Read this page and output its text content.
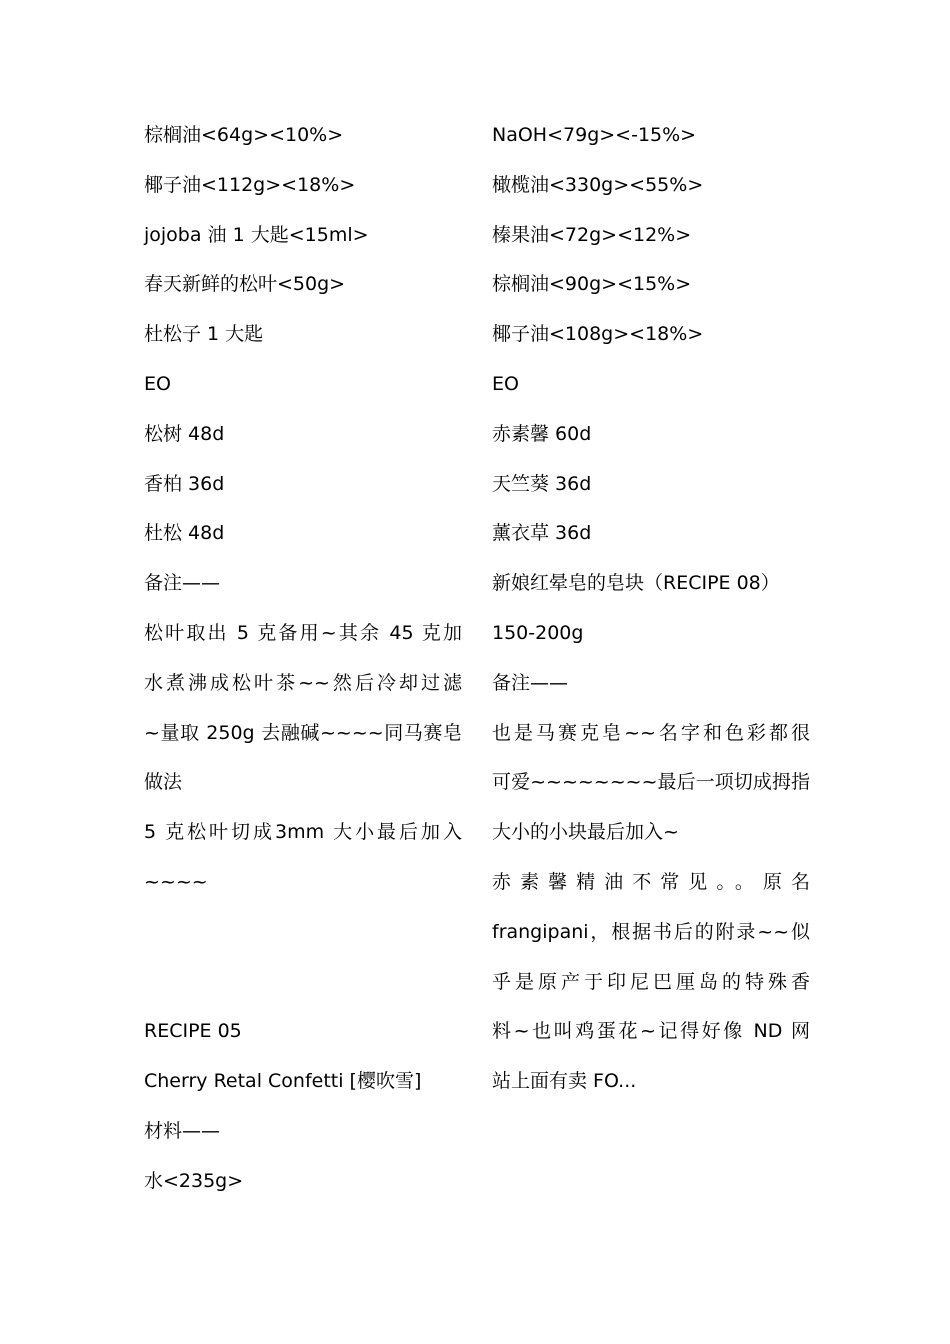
棕榈油<64g><10%>
椰子油<112g><18%>
jojoba 油 1 大匙<15ml>
春天新鲜的松叶<50g>
杜松子 1 大匙
EO
松树 48d
香柏 36d
杜松 48d
备注——
松叶取出 5 克备用~其余 45 克加
水煮沸成松叶茶~~然后冷却过滤
~量取 250g 去融碱~~~~同马赛皂
做法
5 克松叶切成3mm 大小最后加入
~~~~
RECIPE 05
Cherry Retal Confetti [樱吹雪]
材料——
水<235g>
NaOH<79g><-15%>
橄榄油<330g><55%>
榛果油<72g><12%>
棕榈油<90g><15%>
椰子油<108g><18%>
EO
赤素馨 60d
天竺葵 36d
薰衣草 36d
新娘红晕皂的皂块（RECIPE 08）
150-200g
备注——
也是马赛克皂~~名字和色彩都很
可爱~~~~~~~~最后一项切成拇指
大小的小块最后加入~
赤素馨精油不常见。。原名
frangipani，根据书后的附录~~似
乎是原产于印尼巴厘岛的特殊香
料~也叫鸡蛋花~记得好像 ND 网
站上面有卖 FO...
